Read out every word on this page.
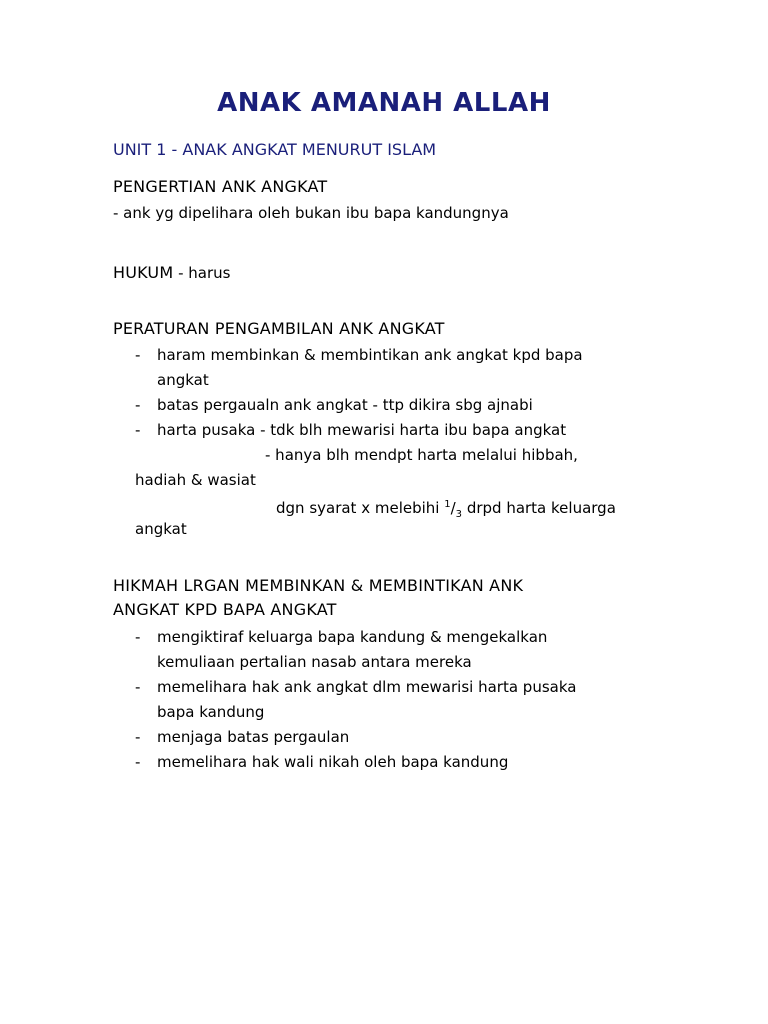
ANAK AMANAH ALLAH

UNIT 1 - ANAK ANGKAT MENURUT ISLAM

PENGERTIAN ANK ANGKAT

- ank yg dipelihara oleh bukan ibu bapa kandungnya

HUKUM - harus

PERATURAN PENGAMBILAN ANK ANGKAT

- haram membinkan & membintikan ank angkat kpd bapa
angkat
- batas pergaualn ank angkat - ttp dikira sbg ajnabi
- harta pusaka - tdk blh mewarisi harta ibu bapa angkat

- hanya blh mendpt harta melalui hibbah,

hadiah & wasiat

dgn syarat x melebihi $^1/_3$ drpd harta keluarga

angkat

HIKMAH LRGAN MEMBINKAN & MEMBINTIKAN ANK

ANGKAT KPD BAPA ANGKAT

- mengiktiraf keluarga bapa kandung & mengekalkan
kemuliaan pertalian nasab antara mereka
- memelihara hak ank angkat dlm mewarisi harta pusaka
bapa kandung
- menjaga batas pergaulan
- memelihara hak wali nikah oleh bapa kandung
